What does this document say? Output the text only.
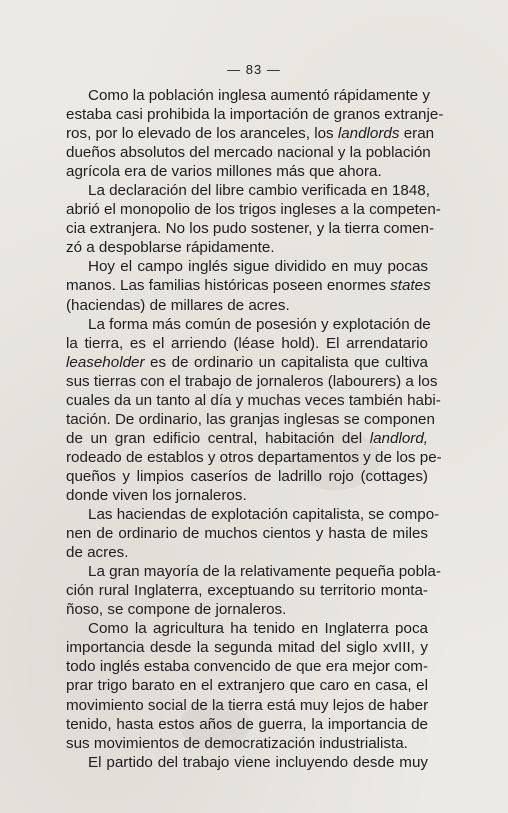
— 83 —
Como la población inglesa aumentó rápidamente y
estaba casi prohibida la importación de granos extranje-
ros, por lo elevado de los aranceles, los landlords eran
dueños absolutos del mercado nacional y la población
agrícola era de varios millones más que ahora.
La declaración del libre cambio verificada en 1848,
abrió el monopolio de los trigos ingleses a la competen-
cia extranjera. No los pudo sostener, y la tierra comen-
zó a despoblarse rápidamente.
Hoy el campo inglés sigue dividido en muy pocas
manos. Las familias históricas poseen enormes states
(haciendas) de millares de acres.
La forma más común de posesión y explotación de
la tierra, es el arriendo (léase hold). El arrendatario
leaseholder es de ordinario un capitalista que cultiva
sus tierras con el trabajo de jornaleros (labourers) a los
cuales da un tanto al día y muchas veces también habi-
tación. De ordinario, las granjas inglesas se componen
de un gran edificio central, habitación del landlord,
rodeado de establos y otros departamentos y de los pe-
queños y limpios caseríos de ladrillo rojo (cottages)
donde viven los jornaleros.
Las haciendas de explotación capitalista, se compo-
nen de ordinario de muchos cientos y hasta de miles
de acres.
La gran mayoría de la relativamente pequeña pobla-
ción rural Inglaterra, exceptuando su territorio monta-
ñoso, se compone de jornaleros.
Como la agricultura ha tenido en Inglaterra poca
importancia desde la segunda mitad del siglo xvIII, y
todo inglés estaba convencido de que era mejor com-
prar trigo barato en el extranjero que caro en casa, el
movimiento social de la tierra está muy lejos de haber
tenido, hasta estos años de guerra, la importancia de
sus movimientos de democratización industrialista.
El partido del trabajo viene incluyendo desde muy
